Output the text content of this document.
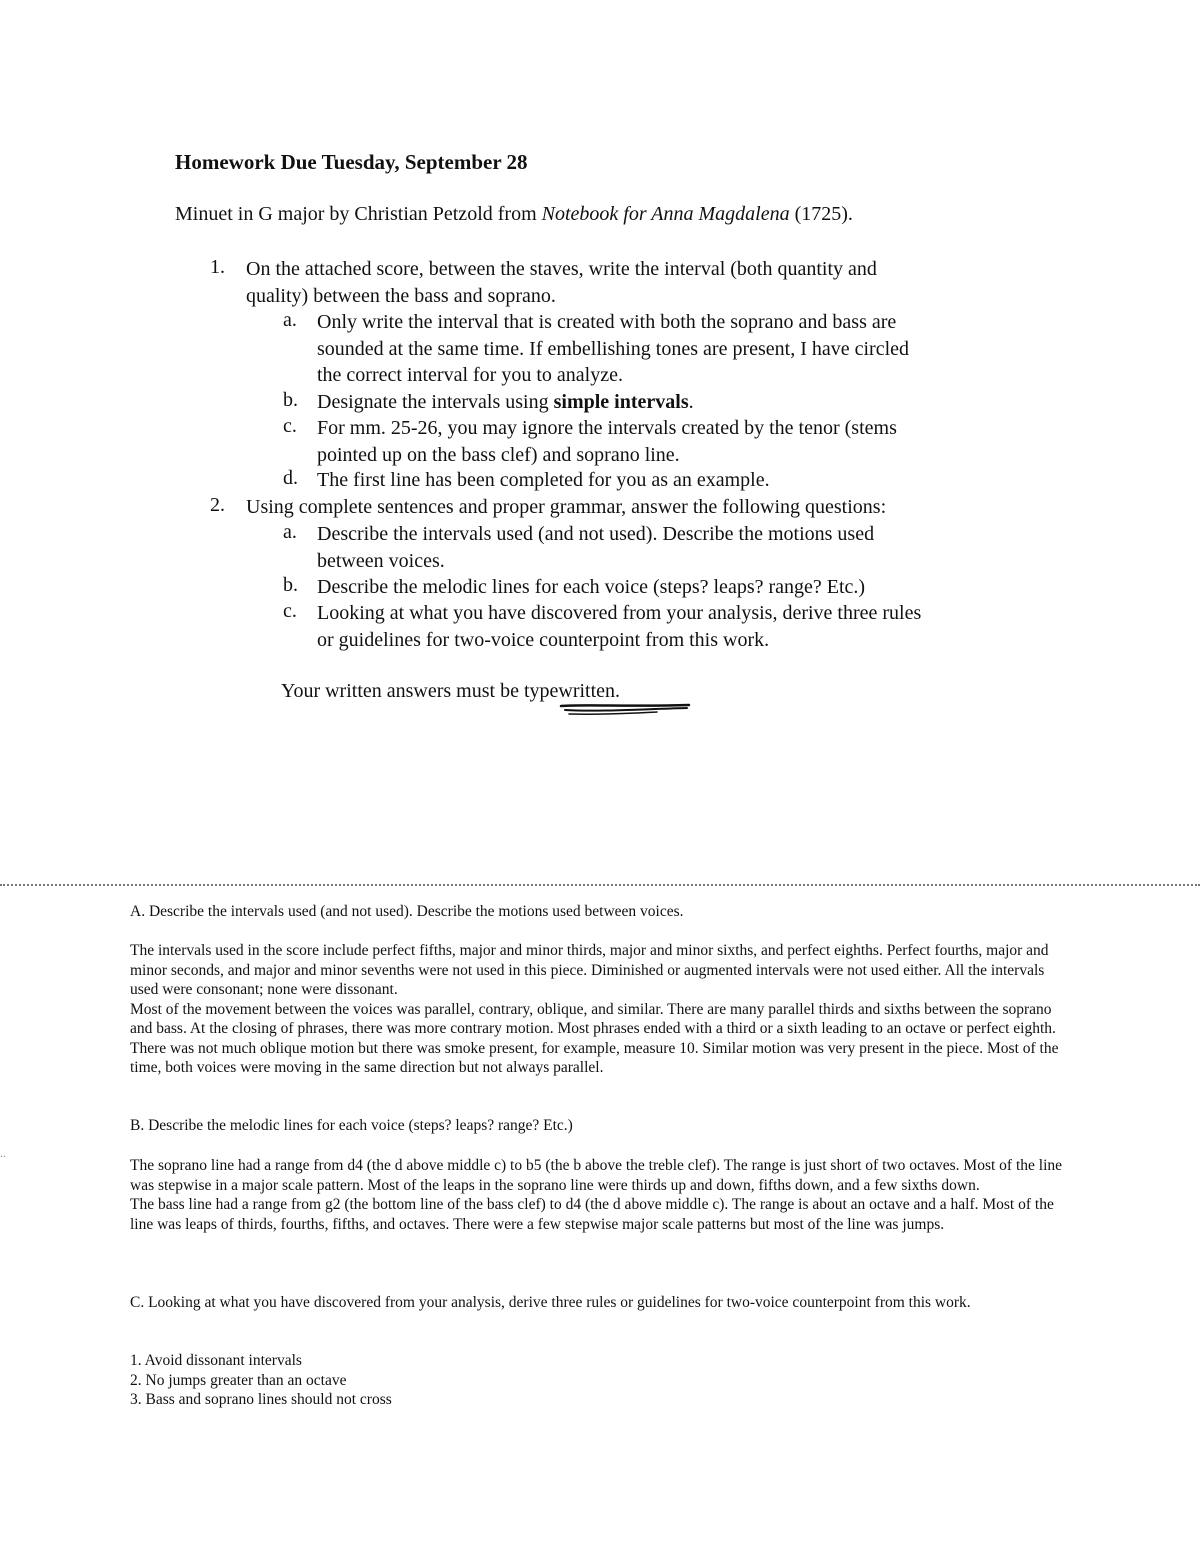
Homework Due Tuesday, September 28
Minuet in G major by Christian Petzold from Notebook for Anna Magdalena (1725).
1. On the attached score, between the staves, write the interval (both quantity and
quality) between the bass and soprano.
a. Only write the interval that is created with both the soprano and bass are
sounded at the same time. If embellishing tones are present, I have circled
the correct interval for you to analyze.
b. Designate the intervals using simple intervals.
c. For mm. 25-26, you may ignore the intervals created by the tenor (stems
pointed up on the bass clef) and soprano line.
d. The first line has been completed for you as an example.
2. Using complete sentences and proper grammar, answer the following questions:
a. Describe the intervals used (and not used). Describe the motions used
between voices.
b. Describe the melodic lines for each voice (steps? leaps? range? Etc.)
c. Looking at what you have discovered from your analysis, derive three rules
or guidelines for two-voice counterpoint from this work.
Your written answers must be typewritten.
..
A. Describe the intervals used (and not used). Describe the motions used between voices.

The intervals used in the score include perfect fifths, major and minor thirds, major and minor sixths, and perfect eighths. Perfect fourths, major and minor seconds, and major and minor sevenths were not used in this piece. Diminished or augmented intervals were not used either. All the intervals used were consonant; none were dissonant.

Most of the movement between the voices was parallel, contrary, oblique, and similar. There are many parallel thirds and sixths between the soprano and bass. At the closing of phrases, there was more contrary motion. Most phrases ended with a third or a sixth leading to an octave or perfect eighth. There was not much oblique motion but there was smoke present, for example, measure 10. Similar motion was very present in the piece. Most of the time, both voices were moving in the same direction but not always parallel.

B. Describe the melodic lines for each voice (steps? leaps? range? Etc.)

The soprano line had a range from d4 (the d above middle c) to b5 (the b above the treble clef). The range is just short of two octaves. Most of the line was stepwise in a major scale pattern. Most of the leaps in the soprano line were thirds up and down, fifths down, and a few sixths down.

The bass line had a range from g2 (the bottom line of the bass clef) to d4 (the d above middle c). The range is about an octave and a half. Most of the line was leaps of thirds, fourths, fifths, and octaves. There were a few stepwise major scale patterns but most of the line was jumps.

C. Looking at what you have discovered from your analysis, derive three rules or guidelines for two-voice counterpoint from this work.

1. Avoid dissonant intervals

2. No jumps greater than an octave

3. Bass and soprano lines should not cross
